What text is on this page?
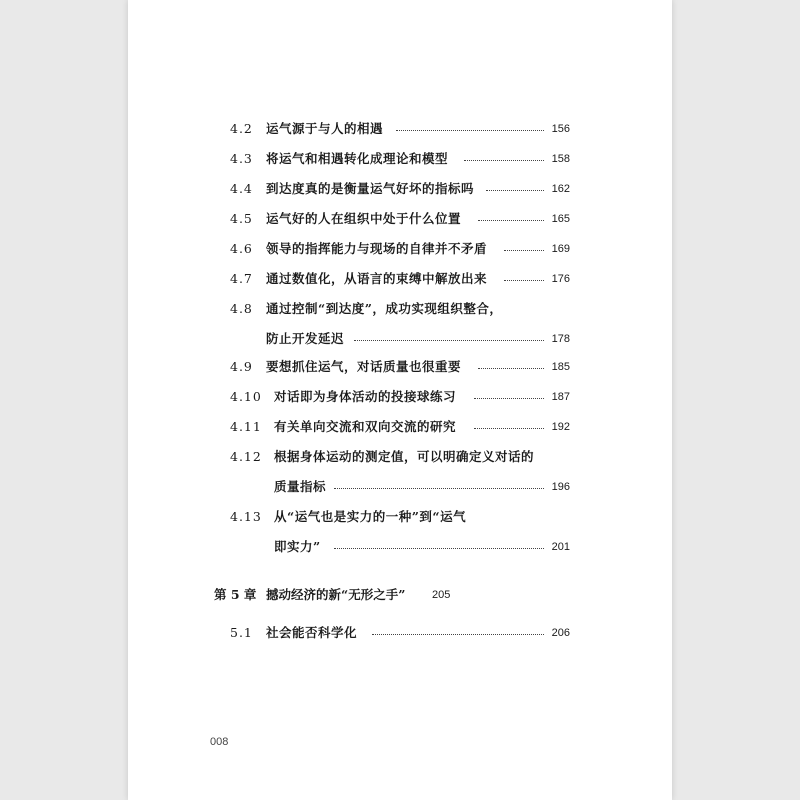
4.2 运气源于与人的相遇	156
4.3 将运气和相遇转化成理论和模型	158
4.4 到达度真的是衡量运气好坏的指标吗	162
4.5 运气好的人在组织中处于什么位置	165
4.6 领导的指挥能力与现场的自律并不矛盾	169
4.7 通过数值化，从语言的束缚中解放出来	176
4.8 通过控制“到达度”，成功实现组织整合，
防止开发延迟	178
4.9 要想抓住运气，对话质量也很重要	185
4.10 对话即为身体活动的投接球练习	187
4.11 有关单向交流和双向交流的研究	192
4.12 根据身体运动的测定值，可以明确定义对话的
质量指标	196
4.13 从“运气也是实力的一种”到“运气
即实力”	201
第 5 章 撼动经济的新“无形之手” 205
5.1 社会能否科学化	206
008
